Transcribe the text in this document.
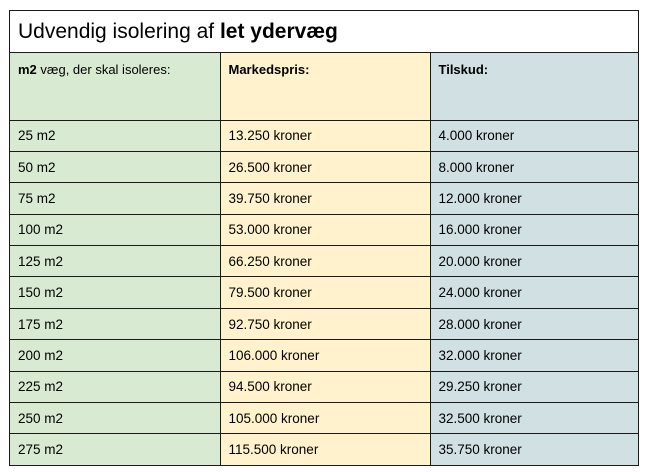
Udvendig isolering af let ydervæg
m2 væg, der skal isoleres:	Markedspris:	Tilskud:
25 m2	13.250 kroner	4.000 kroner
50 m2	26.500 kroner	8.000 kroner
75 m2	39.750 kroner	12.000 kroner
100 m2	53.000 kroner	16.000 kroner
125 m2	66.250 kroner	20.000 kroner
150 m2	79.500 kroner	24.000 kroner
175 m2	92.750 kroner	28.000 kroner
200 m2	106.000 kroner	32.000 kroner
225 m2	94.500 kroner	29.250 kroner
250 m2	105.000 kroner	32.500 kroner
275 m2	115.500 kroner	35.750 kroner
